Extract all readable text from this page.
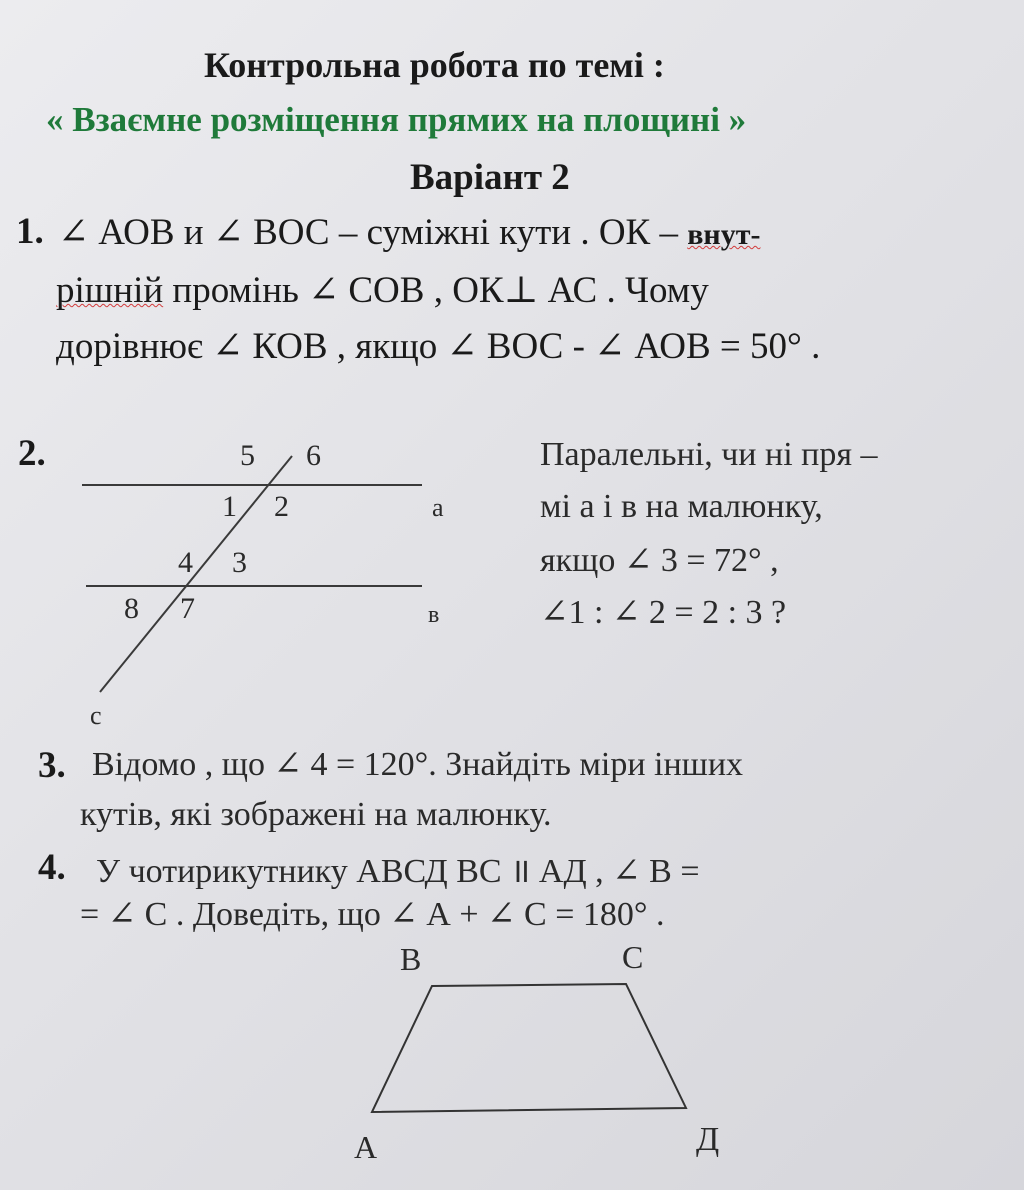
Контрольна робота по темі :
« Взаємне розміщення прямих на площині »
Варіант 2
1. ∠ АОВ и ∠ ВОС – суміжні кути . ОК – внут-
рішній промінь ∠ СОВ , ОК⊥ АС . Чому
дорівнює ∠ КОВ , якщо ∠ ВОС - ∠ АОВ = 50° .
2.	5 6
1 2
4 3
8 7
а
в
с
Паралельні, чи ні пря –
мі а і в на малюнку,
якщо ∠ 3 = 72° ,
∠1 : ∠ 2 = 2 : 3 ?
3. Відомо , що ∠ 4 = 120°. Знайдіть міри інших
кутів, які зображені на малюнку.
4. У чотирикутнику АВСД ВС ॥ АД , ∠ В =
= ∠ С . Доведіть, що ∠ А + ∠ С = 180° .
В	С
А	Д
